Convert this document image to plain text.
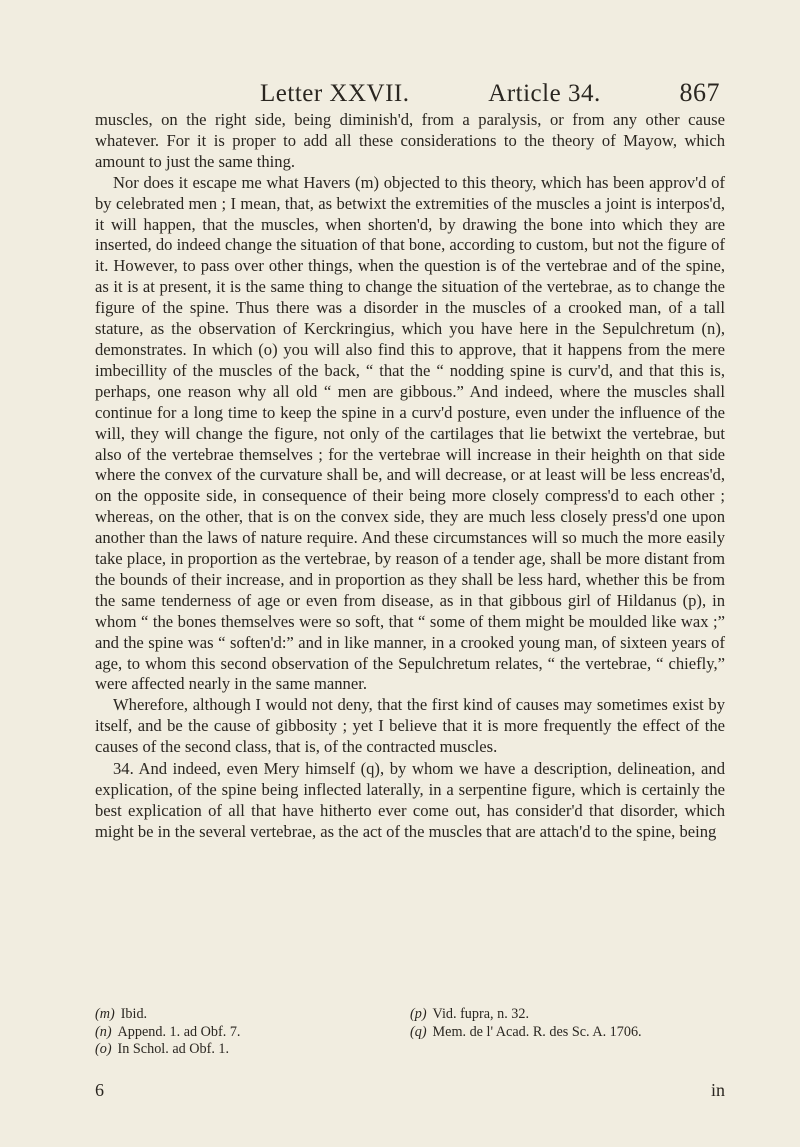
Letter XXVII.	Article 34.	867

muscles, on the right side, being diminish'd, from a paralysis, or from any other cause whatever. For it is proper to add all these considerations to the theory of Mayow, which amount to just the same thing.

Nor does it escape me what Havers (m) objected to this theory, which has been approv'd of by celebrated men ; I mean, that, as betwixt the extremities of the muscles a joint is interpos'd, it will happen, that the muscles, when shorten'd, by drawing the bone into which they are inserted, do indeed change the situation of that bone, according to custom, but not the figure of it. However, to pass over other things, when the question is of the vertebrae and of the spine, as it is at present, it is the same thing to change the situation of the vertebrae, as to change the figure of the spine. Thus there was a disorder in the muscles of a crooked man, of a tall stature, as the observation of Kerckringius, which you have here in the Sepulchretum (n), demonstrates. In which (o) you will also find this to approve, that it happens from the mere imbecillity of the muscles of the back, “ that the “ nodding spine is curv'd, and that this is, perhaps, one reason why all old “ men are gibbous.” And indeed, where the muscles shall continue for a long time to keep the spine in a curv'd posture, even under the influence of the will, they will change the figure, not only of the cartilages that lie betwixt the vertebrae, but also of the vertebrae themselves ; for the vertebrae will increase in their heighth on that side where the convex of the curvature shall be, and will decrease, or at least will be less encreas'd, on the opposite side, in consequence of their being more closely compress'd to each other ; whereas, on the other, that is on the convex side, they are much less closely press'd one upon another than the laws of nature require. And these circumstances will so much the more easily take place, in proportion as the vertebrae, by reason of a tender age, shall be more distant from the bounds of their increase, and in proportion as they shall be less hard, whether this be from the same tenderness of age or even from disease, as in that gibbous girl of Hildanus (p), in whom “ the bones themselves were so soft, that “ some of them might be moulded like wax ;” and the spine was “ soften'd:” and in like manner, in a crooked young man, of sixteen years of age, to whom this second observation of the Sepulchretum relates, “ the vertebrae, “ chiefly,” were affected nearly in the same manner.

Wherefore, although I would not deny, that the first kind of causes may sometimes exist by itself, and be the cause of gibbosity ; yet I believe that it is more frequently the effect of the causes of the second class, that is, of the contracted muscles.

34. And indeed, even Mery himself (q), by whom we have a description, delineation, and explication, of the spine being inflected laterally, in a serpentine figure, which is certainly the best explication of all that have hitherto ever come out, has consider'd that disorder, which might be in the several vertebrae, as the act of the muscles that are attach'd to the spine, being

(m) Ibid.
(n) Append. 1. ad Obf. 7.
(o) In Schol. ad Obf. 1.
(p) Vid. fupra, n. 32.
(q) Mem. de l' Acad. R. des Sc. A. 1706.
6	in
